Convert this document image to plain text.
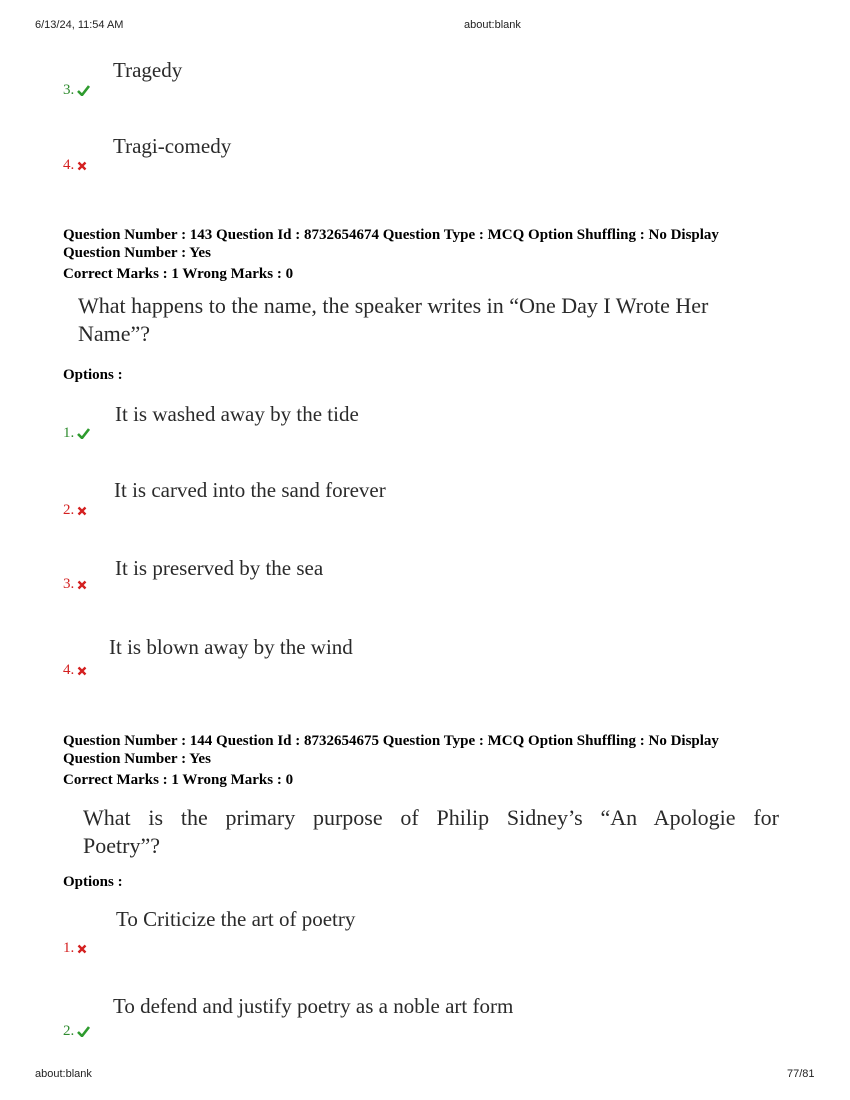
6/13/24, 11:54 AM	about:blank
Tragedy
3.
Tragi-comedy
4.
Question Number : 143 Question Id : 8732654674 Question Type : MCQ Option Shuffling : No Display
Question Number : Yes
Correct Marks : 1 Wrong Marks : 0
What happens to the name, the speaker writes in “One Day I Wrote Her
Name”?
Options :
It is washed away by the tide
1.
It is carved into the sand forever
2.
It is preserved by the sea
3.
It is blown away by the wind
4.
Question Number : 144 Question Id : 8732654675 Question Type : MCQ Option Shuffling : No Display
Question Number : Yes
Correct Marks : 1 Wrong Marks : 0
What is the primary purpose of Philip Sidney’s “An Apologie for
Poetry”?
Options :
To Criticize the art of poetry
1.
To defend and justify poetry as a noble art form
2.
about:blank	77/81
